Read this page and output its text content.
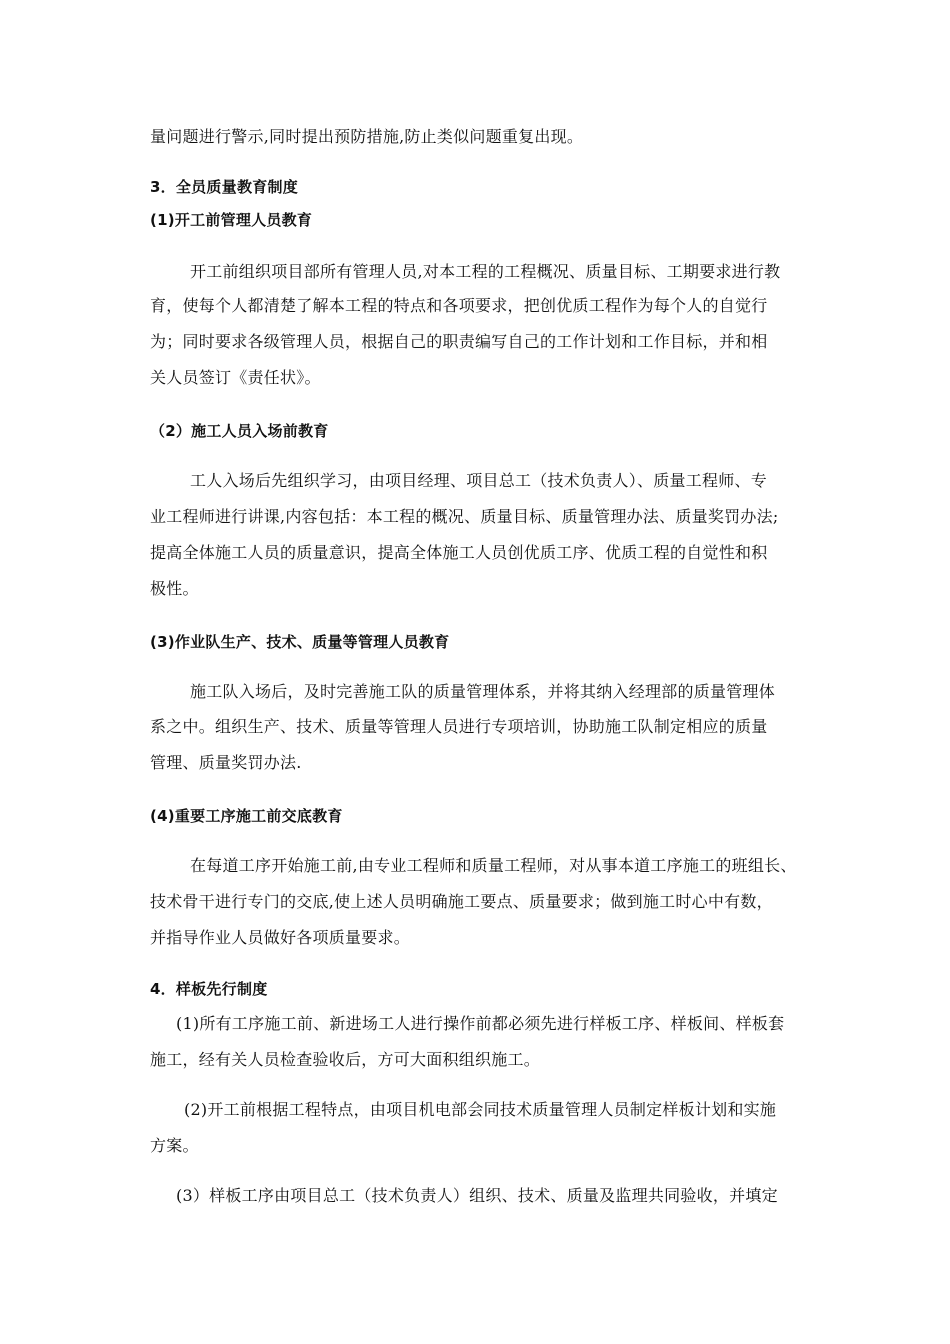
量问题进行警示,同时提出预防措施,防止类似问题重复出现。
3．全员质量教育制度
(1)开工前管理人员教育
开工前组织项目部所有管理人员,对本工程的工程概况、质量目标、工期要求进行教
育，使每个人都清楚了解本工程的特点和各项要求，把创优质工程作为每个人的自觉行
为；同时要求各级管理人员，根据自己的职责编写自己的工作计划和工作目标，并和相
关人员签订《责任状》。
（2）施工人员入场前教育
工人入场后先组织学习，由项目经理、项目总工（技术负责人）、质量工程师、专
业工程师进行讲课,内容包括：本工程的概况、质量目标、质量管理办法、质量奖罚办法;
提高全体施工人员的质量意识，提高全体施工人员创优质工序、优质工程的自觉性和积
极性。
(3)作业队生产、技术、质量等管理人员教育
施工队入场后，及时完善施工队的质量管理体系，并将其纳入经理部的质量管理体
系之中。组织生产、技术、质量等管理人员进行专项培训，协助施工队制定相应的质量
管理、质量奖罚办法.
(4)重要工序施工前交底教育
在每道工序开始施工前,由专业工程师和质量工程师，对从事本道工序施工的班组长、
技术骨干进行专门的交底,使上述人员明确施工要点、质量要求；做到施工时心中有数，
并指导作业人员做好各项质量要求。
4．样板先行制度
(1)所有工序施工前、新进场工人进行操作前都必须先进行样板工序、样板间、样板套
施工，经有关人员检查验收后，方可大面积组织施工。
(2)开工前根据工程特点，由项目机电部会同技术质量管理人员制定样板计划和实施
方案。
(3）样板工序由项目总工（技术负责人）组织、技术、质量及监理共同验收，并填定
